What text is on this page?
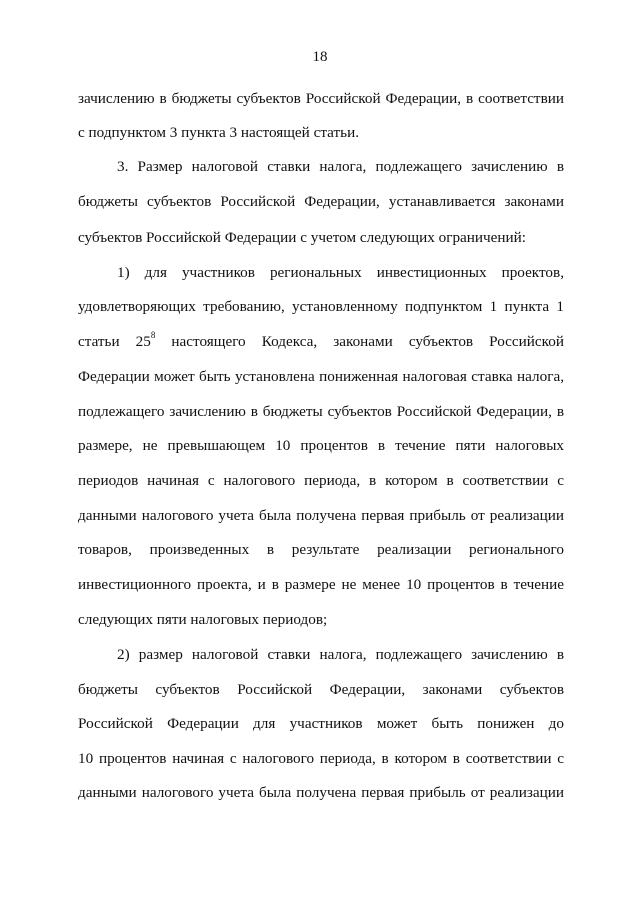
18
зачислению в бюджеты субъектов Российской Федерации, в соответствии
с подпунктом 3 пункта 3 настоящей статьи.
3. Размер налоговой ставки налога, подлежащего зачислению в
бюджеты субъектов Российской Федерации, устанавливается законами
субъектов Российской Федерации с учетом следующих ограничений:
1) для участников региональных инвестиционных проектов,
удовлетворяющих требованию, установленному подпунктом 1 пункта 1
статьи $25^8$ настоящего Кодекса, законами субъектов Российской
Федерации может быть установлена пониженная налоговая ставка налога,
подлежащего зачислению в бюджеты субъектов Российской Федерации, в
размере, не превышающем 10 процентов в течение пяти налоговых
периодов начиная с налогового периода, в котором в соответствии с
данными налогового учета была получена первая прибыль от реализации
товаров, произведенных в результате реализации регионального
инвестиционного проекта, и в размере не менее 10 процентов в течение
следующих пяти налоговых периодов;
2) размер налоговой ставки налога, подлежащего зачислению в
бюджеты субъектов Российской Федерации, законами субъектов
Российской Федерации для участников может быть понижен до
10 процентов начиная с налогового периода, в котором в соответствии с
данными налогового учета была получена первая прибыль от реализации
